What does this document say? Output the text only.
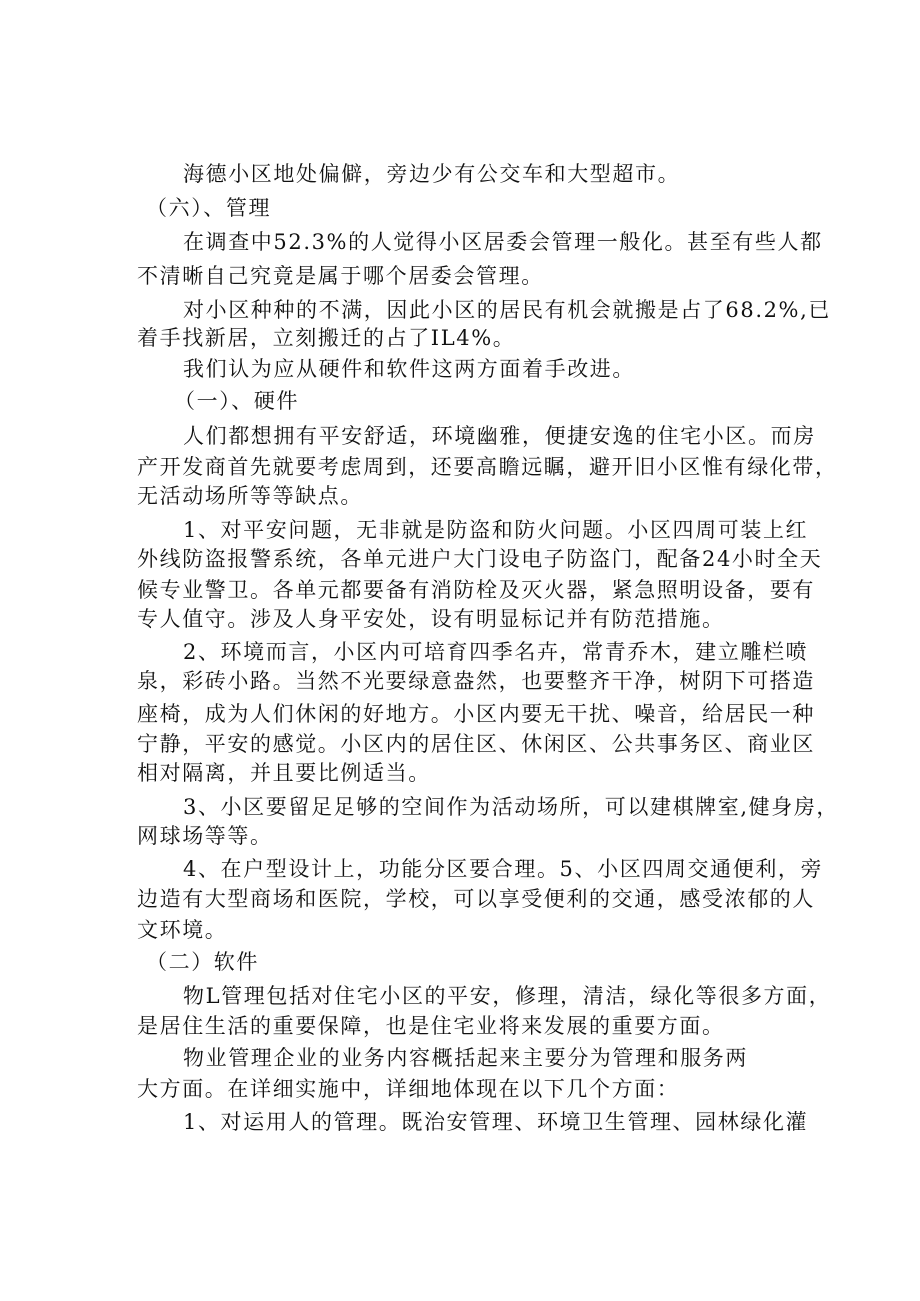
海德小区地处偏僻，旁边少有公交车和大型超市。

（六）、管理

在调查中52.3%的人觉得小区居委会管理一般化。甚至有些人都

不清晰自己究竟是属于哪个居委会管理。

对小区种种的不满，因此小区的居民有机会就搬是占了68.2%,已

着手找新居，立刻搬迁的占了IL4%。

我们认为应从硬件和软件这两方面着手改进。

（一）、硬件

人们都想拥有平安舒适，环境幽雅，便捷安逸的住宅小区。而房

产开发商首先就要考虑周到，还要高瞻远瞩，避开旧小区惟有绿化带，

无活动场所等等缺点。

1、对平安问题，无非就是防盗和防火问题。小区四周可装上红

外线防盗报警系统，各单元进户大门设电子防盗门，配备24小时全天

候专业警卫。各单元都要备有消防栓及灭火器，紧急照明设备，要有

专人值守。涉及人身平安处，设有明显标记并有防范措施。

2、环境而言，小区内可培育四季名卉，常青乔木，建立雕栏喷

泉，彩砖小路。当然不光要绿意盎然，也要整齐干净，树阴下可搭造

座椅，成为人们休闲的好地方。小区内要无干扰、噪音，给居民一种

宁静，平安的感觉。小区内的居住区、休闲区、公共事务区、商业区

相对隔离，并且要比例适当。

3、小区要留足足够的空间作为活动场所，可以建棋牌室,健身房，

网球场等等。

4、在户型设计上，功能分区要合理。5、小区四周交通便利，旁

边造有大型商场和医院，学校，可以享受便利的交通，感受浓郁的人

文环境。

（二）软件

物L管理包括对住宅小区的平安，修理，清洁，绿化等很多方面，

是居住生活的重要保障，也是住宅业将来发展的重要方面。

物业管理企业的业务内容概括起来主要分为管理和服务两

大方面。在详细实施中，详细地体现在以下几个方面：

1、对运用人的管理。既治安管理、环境卫生管理、园林绿化灌
